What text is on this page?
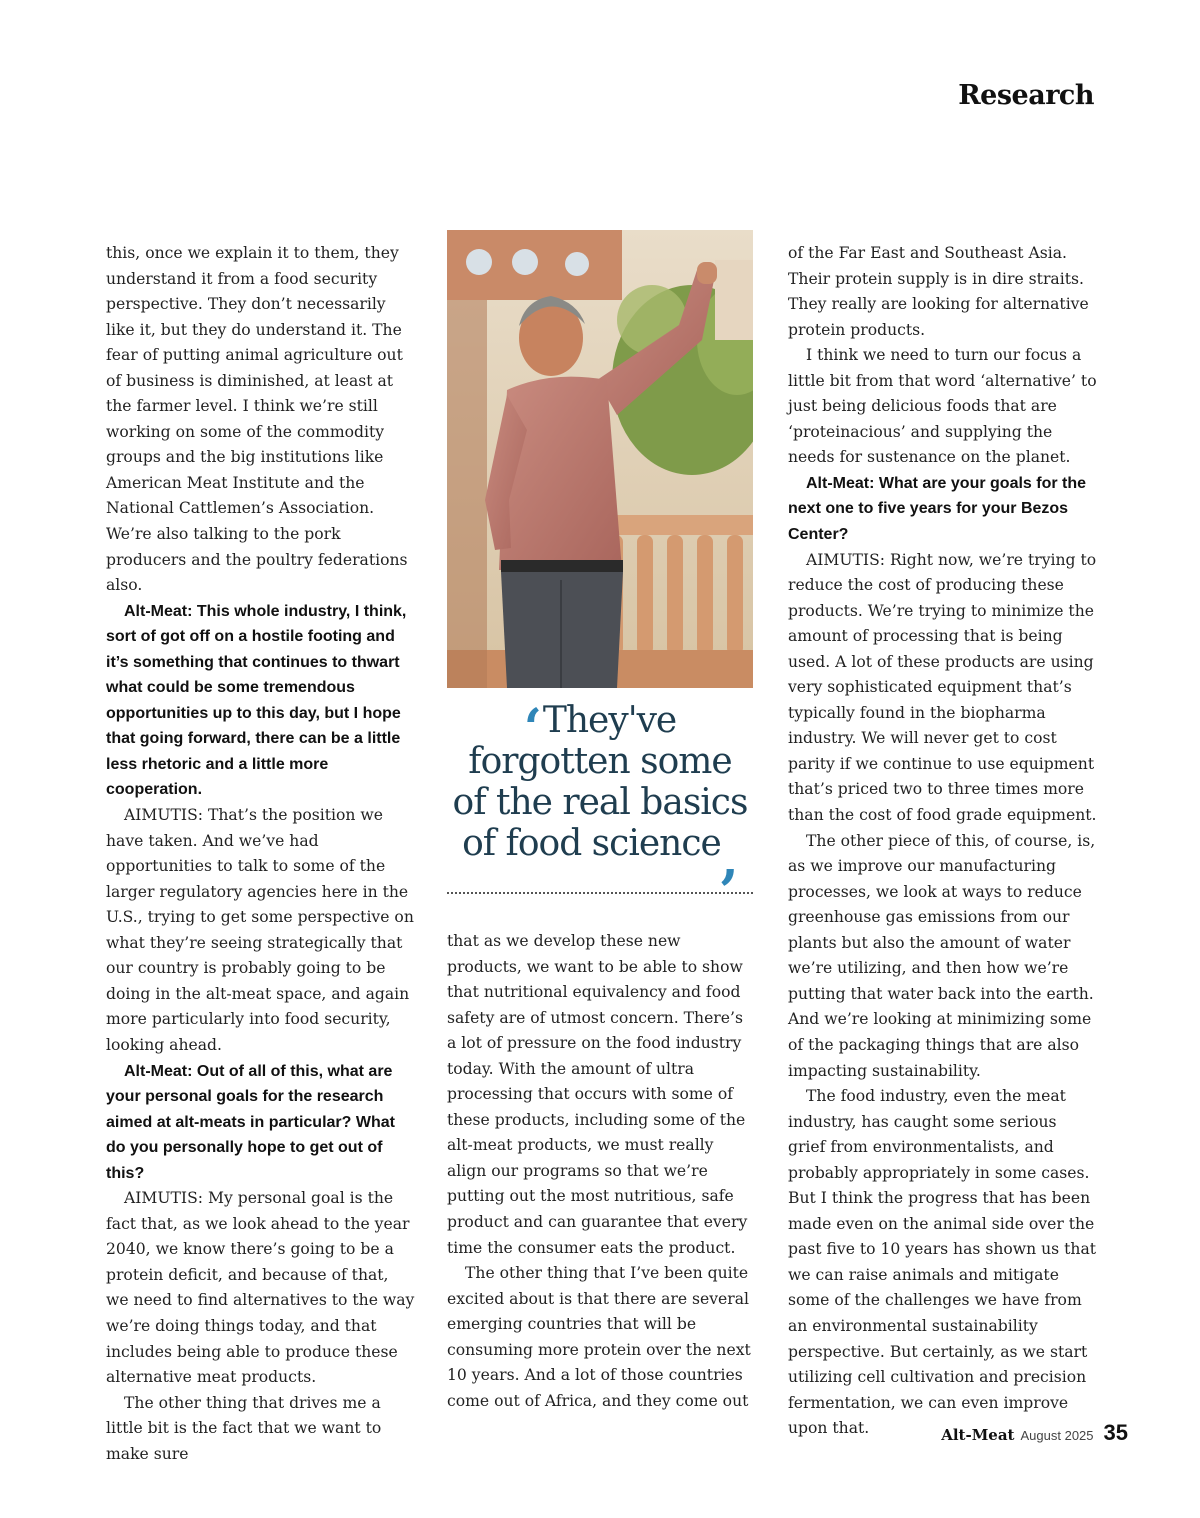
Research

this, once we explain it to them, they understand it from a food security perspective. They don’t necessarily like it, but they do understand it. The fear of putting animal agriculture out of business is diminished, at least at the farmer level. I think we’re still working on some of the commodity groups and the big institutions like American Meat Institute and the National Cattlemen’s Association. We’re also talking to the pork producers and the poultry federations also.

Alt-Meat: This whole industry, I think, sort of got off on a hostile footing and it’s something that continues to thwart what could be some tremendous opportunities up to this day, but I hope that going forward, there can be a little less rhetoric and a little more cooperation.

AIMUTIS: That’s the position we have taken. And we’ve had opportunities to talk to some of the larger regulatory agencies here in the U.S., trying to get some perspective on what they’re seeing strategically that our country is probably going to be doing in the alt-meat space, and again more particularly into food security, looking ahead.

Alt-Meat: Out of all of this, what are your personal goals for the research aimed at alt-meats in particular? What do you personally hope to get out of this?

AIMUTIS: My personal goal is the fact that, as we look ahead to the year 2040, we know there’s going to be a protein deficit, and because of that, we need to find alternatives to the way we’re doing things today, and that includes being able to produce these alternative meat products.

The other thing that drives me a little bit is the fact that we want to make sure

‘They've forgotten some of the real basics of food science,

that as we develop these new products, we want to be able to show that nutritional equivalency and food safety are of utmost concern. There’s a lot of pressure on the food industry today. With the amount of ultra processing that occurs with some of these products, including some of the alt-meat products, we must really align our programs so that we’re putting out the most nutritious, safe product and can guarantee that every time the consumer eats the product.

The other thing that I’ve been quite excited about is that there are several emerging countries that will be consuming more protein over the next 10 years. And a lot of those countries come out of Africa, and they come out

of the Far East and Southeast Asia. Their protein supply is in dire straits. They really are looking for alternative protein products.

I think we need to turn our focus a little bit from that word ‘alternative’ to just being delicious foods that are ‘proteinacious’ and supplying the needs for sustenance on the planet.

Alt-Meat: What are your goals for the next one to five years for your Bezos Center?

AIMUTIS: Right now, we’re trying to reduce the cost of producing these products. We’re trying to minimize the amount of processing that is being used. A lot of these products are using very sophisticated equipment that’s typically found in the biopharma industry. We will never get to cost parity if we continue to use equipment that’s priced two to three times more than the cost of food grade equipment.

The other piece of this, of course, is, as we improve our manufacturing processes, we look at ways to reduce greenhouse gas emissions from our plants but also the amount of water we’re utilizing, and then how we’re putting that water back into the earth. And we’re looking at minimizing some of the packaging things that are also impacting sustainability.

The food industry, even the meat industry, has caught some serious grief from environmentalists, and probably appropriately in some cases. But I think the progress that has been made even on the animal side over the past five to 10 years has shown us that we can raise animals and mitigate some of the challenges we have from an environmental sustainability perspective. But certainly, as we start utilizing cell cultivation and precision fermentation, we can even improve upon that.	Alt-Meat August 2025 35
